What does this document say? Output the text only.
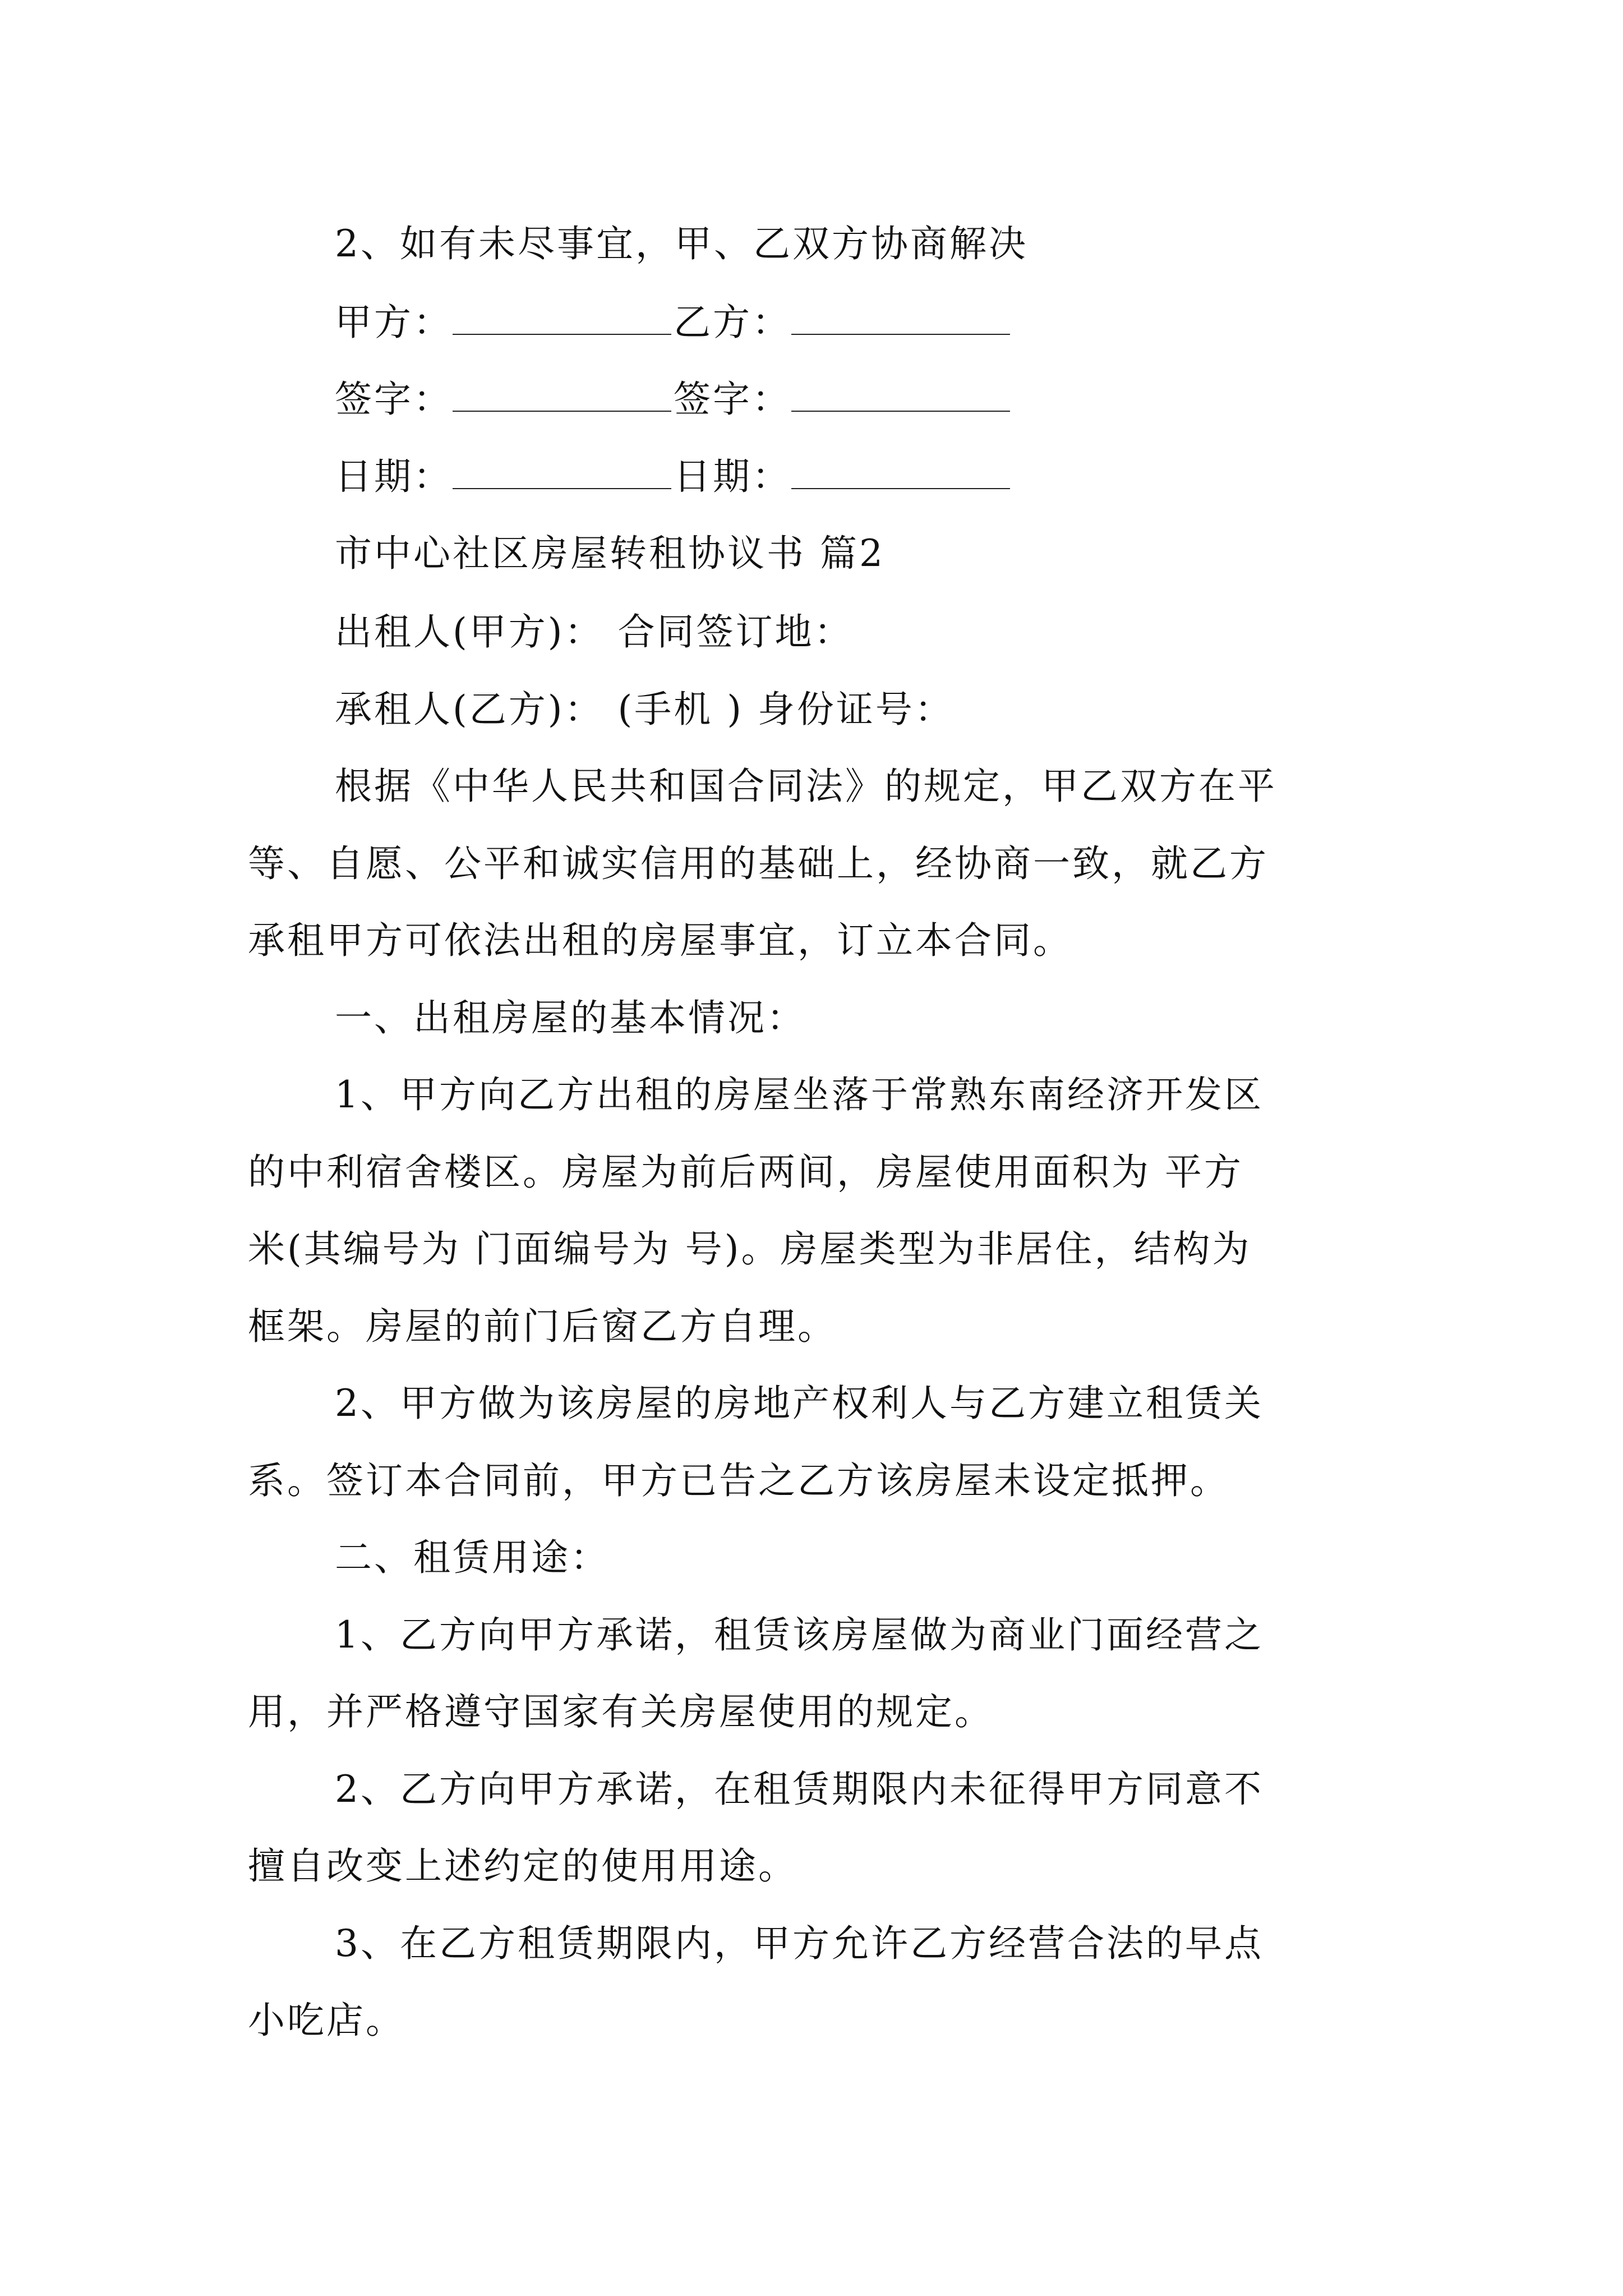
2、如有未尽事宜，甲、乙双方协商解决
甲方：	乙方：
签字：	签字：
日期：	日期：
市中心社区房屋转租协议书 篇2
出租人(甲方)： 合同签订地：
承租人(乙方)： (手机 ) 身份证号：
根据《中华人民共和国合同法》的规定，甲乙双方在平
等、自愿、公平和诚实信用的基础上，经协商一致，就乙方
承租甲方可依法出租的房屋事宜，订立本合同。
一、出租房屋的基本情况：
1、甲方向乙方出租的房屋坐落于常熟东南经济开发区
的中利宿舍楼区。房屋为前后两间，房屋使用面积为 平方
米(其编号为 门面编号为 号)。房屋类型为非居住，结构为
框架。房屋的前门后窗乙方自理。
2、甲方做为该房屋的房地产权利人与乙方建立租赁关
系。签订本合同前，甲方已告之乙方该房屋未设定抵押。
二、租赁用途：
1、乙方向甲方承诺，租赁该房屋做为商业门面经营之
用，并严格遵守国家有关房屋使用的规定。
2、乙方向甲方承诺，在租赁期限内未征得甲方同意不
擅自改变上述约定的使用用途。
3、在乙方租赁期限内，甲方允许乙方经营合法的早点
小吃店。
